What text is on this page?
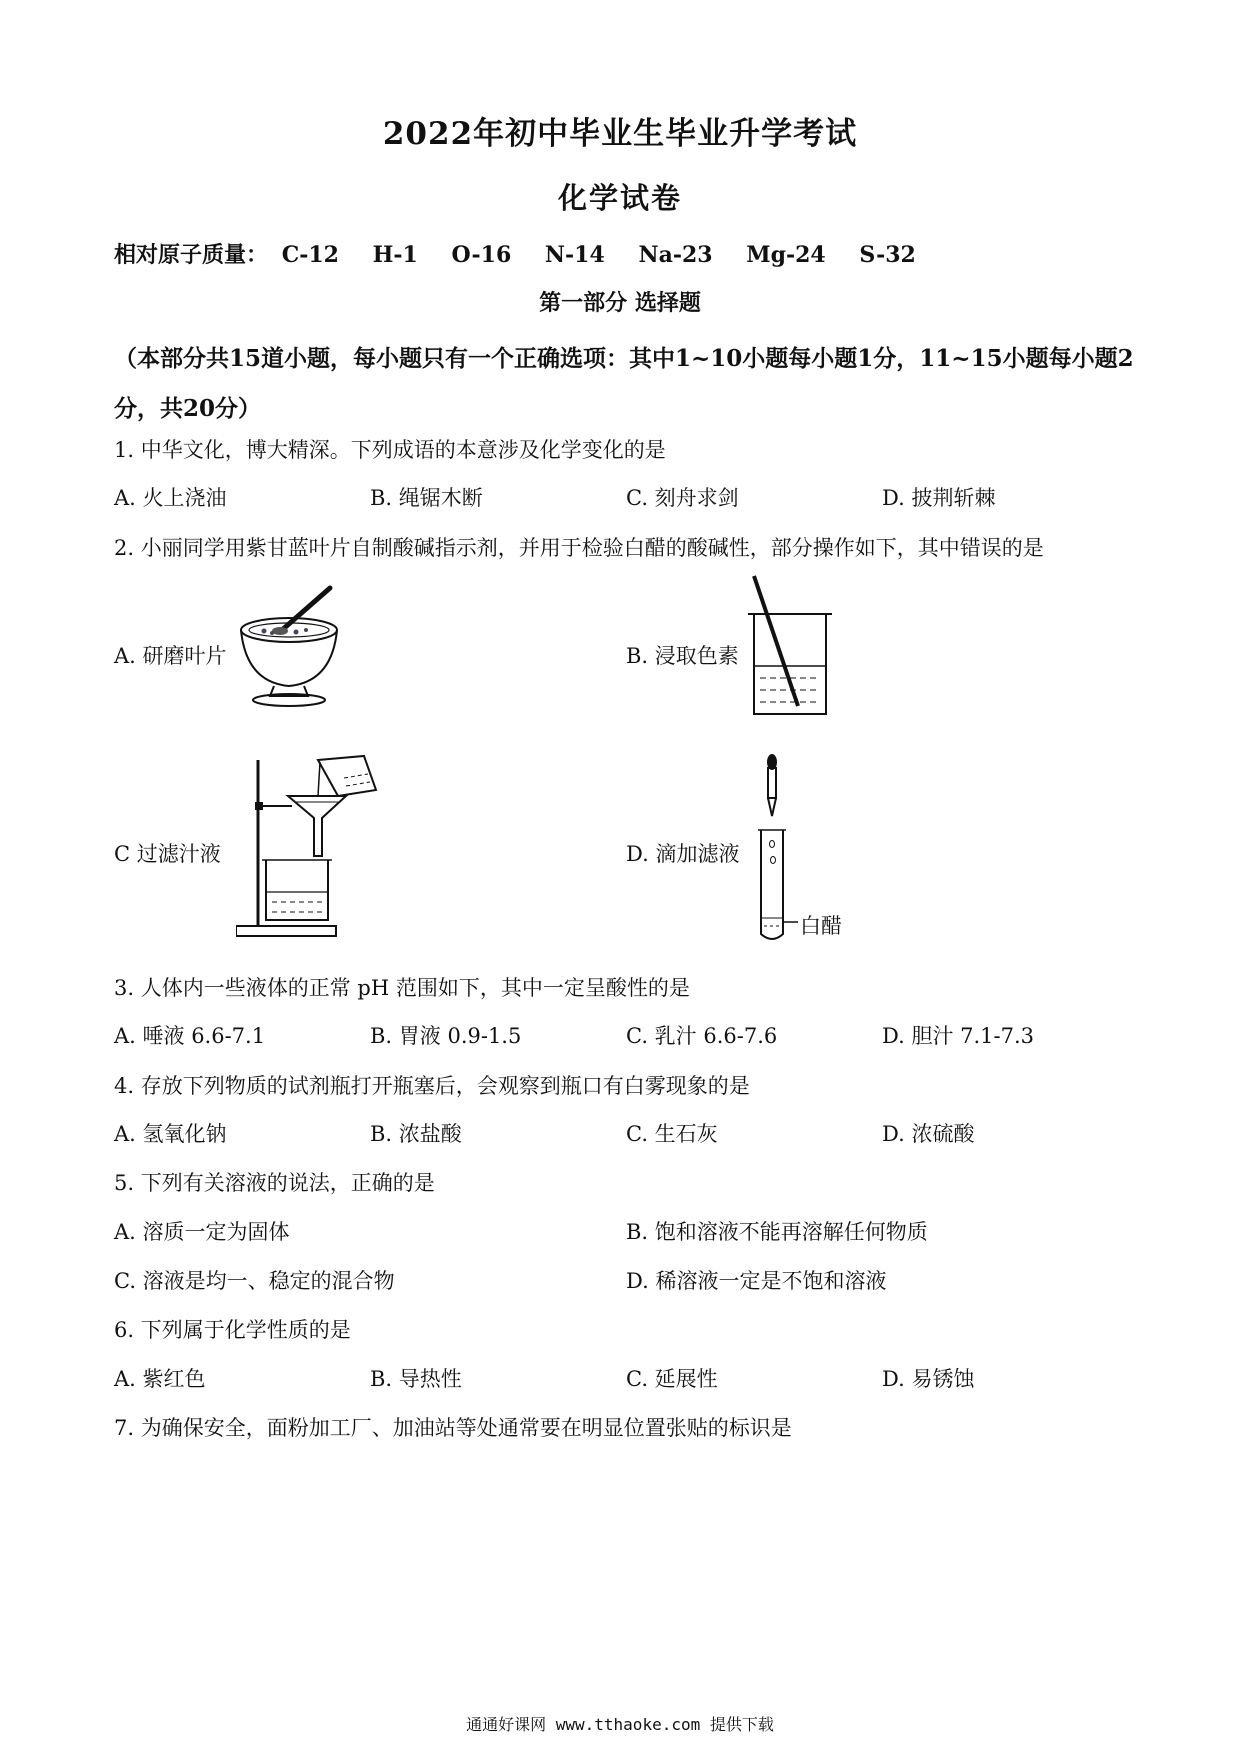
2022年初中毕业生毕业升学考试
化学试卷
相对原子质量： C-12 H-1 O-16 N-14 Na-23 Mg-24 S-32
第一部分 选择题
（本部分共15道小题，每小题只有一个正确选项：其中1~10小题每小题1分，11~15小题每小题2分，共20分）
1. 中华文化，博大精深。下列成语的本意涉及化学变化的是
A. 火上浇油	B. 绳锯木断	C. 刻舟求剑	D. 披荆斩棘
2. 小丽同学用紫甘蓝叶片自制酸碱指示剂，并用于检验白醋的酸碱性，部分操作如下，其中错误的是
A. 研磨叶片	B. 浸取色素
C 过滤汁液	D. 滴加滤液
白醋
3. 人体内一些液体的正常 pH 范围如下，其中一定呈酸性的是
A. 唾液 6.6-7.1	B. 胃液 0.9-1.5	C. 乳汁 6.6-7.6	D. 胆汁 7.1-7.3
4. 存放下列物质的试剂瓶打开瓶塞后，会观察到瓶口有白雾现象的是
A. 氢氧化钠	B. 浓盐酸	C. 生石灰	D. 浓硫酸
5. 下列有关溶液的说法，正确的是
A. 溶质一定为固体	B. 饱和溶液不能再溶解任何物质
C. 溶液是均一、稳定的混合物	D. 稀溶液一定是不饱和溶液
6. 下列属于化学性质的是
A. 紫红色	B. 导热性	C. 延展性	D. 易锈蚀
7. 为确保安全，面粉加工厂、加油站等处通常要在明显位置张贴的标识是
通通好课网 www.tthaoke.com 提供下载
